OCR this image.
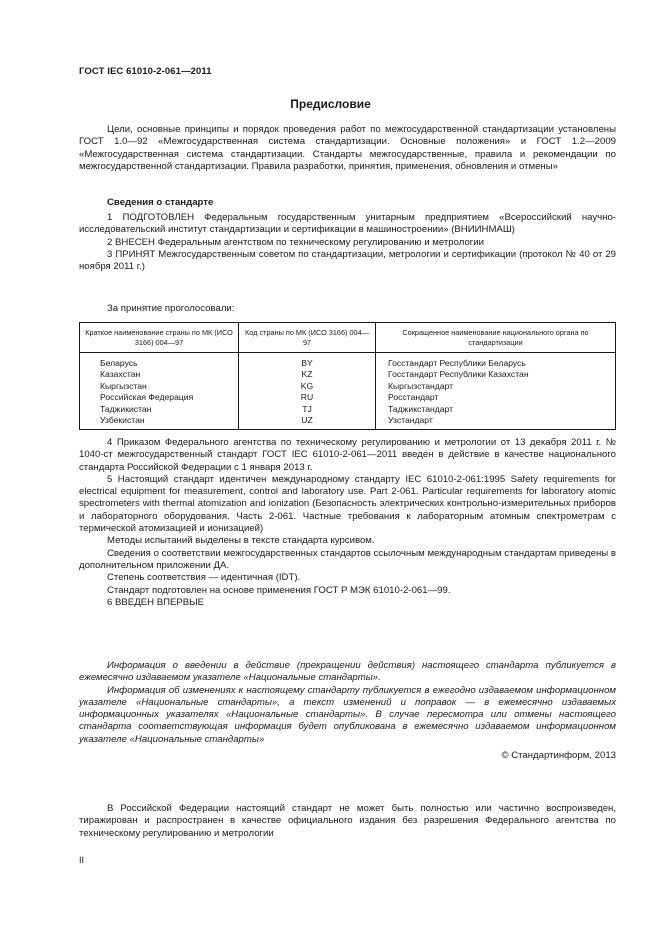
ГОСТ IEC 61010-2-061—2011
Предисловие

Цели, основные принципы и порядок проведения работ по межгосударственной стандартизации установлены ГОСТ 1.0—92 «Межгосударственная система стандартизации. Основные положения» и ГОСТ 1.2—2009 «Межгосударственная система стандартизации. Стандарты межгосударственные, правила и рекомендации по межгосударственной стандартизации. Правила разработки, принятия, применения, обновления и отмены»

Сведения о стандарте

1 ПОДГОТОВЛЕН Федеральным государственным унитарным предприятием «Всероссийский научно-исследовательский институт стандартизации и сертификации в машиностроении» (ВНИИНМАШ)

2 ВНЕСЕН Федеральным агентством по техническому регулированию и метрологии

3 ПРИНЯТ Межгосударственным советом по стандартизации, метрологии и сертификации (протокол № 40 от 29 ноября 2011 г.)

За принятие проголосовали:
Краткое наименование страны по МК (ИСО 3166) 004—97	Код страны по МК (ИСО 3166) 004—97	Сокращенное наименование национального органа по стандартизации
Беларусь	BY	Госстандарт Республики Беларусь
Казахстан	KZ	Госстандарт Республики Казахстан
Кыргызстан	KG	Кыргызстандарт
Российская Федерация	RU	Росстандарт
Таджикистан	TJ	Таджикстандарт
Узбекистан	UZ	Узстандарт

4 Приказом Федерального агентства по техническому регулированию и метрологии от 13 декабря 2011 г. № 1040-ст межгосударственный стандарт ГОСТ IEC 61010-2-061—2011 введен в действие в качестве национального стандарта Российской Федерации с 1 января 2013 г.

5 Настоящий стандарт идентичен международному стандарту IEC 61010-2-061:1995 Safety requirements for electrical equipment for measurement, control and laboratory use. Part 2-061. Particular requirements for laboratory atomic spectrometers with thermal atomization and ionization (Безопасность электрических контрольно-измерительных приборов и лабораторного оборудования. Часть 2-061. Частные требования к лабораторным атомным спектрометрам с термической атомизацией и ионизацией)

Методы испытаний выделены в тексте стандарта курсивом.

Сведения о соответствии межгосударственных стандартов ссылочным международным стандартам приведены в дополнительном приложении ДА.

Степень соответствия — идентичная (IDT).

Стандарт подготовлен на основе применения ГОСТ Р МЭК 61010-2-061—99.

6 ВВЕДЕН ВПЕРВЫЕ

Информация о введении в действие (прекращении действия) настоящего стандарта публикуется в ежемесячно издаваемом указателе «Национальные стандарты».

Информация об изменениях к настоящему стандарту публикуется в ежегодно издаваемом информационном указателе «Национальные стандарты», а текст изменений и поправок — в ежемесячно издаваемых информационных указателях «Национальные стандарты». В случае пересмотра или отмены настоящего стандарта соответствующая информация будет опубликована в ежемесячно издаваемом информационном указателе «Национальные стандарты»

© Стандартинформ, 2013

В Российской Федерации настоящий стандарт не может быть полностью или частично воспроизведен, тиражирован и распространен в качестве официального издания без разрешения Федерального агентства по техническому регулированию и метрологии

II
